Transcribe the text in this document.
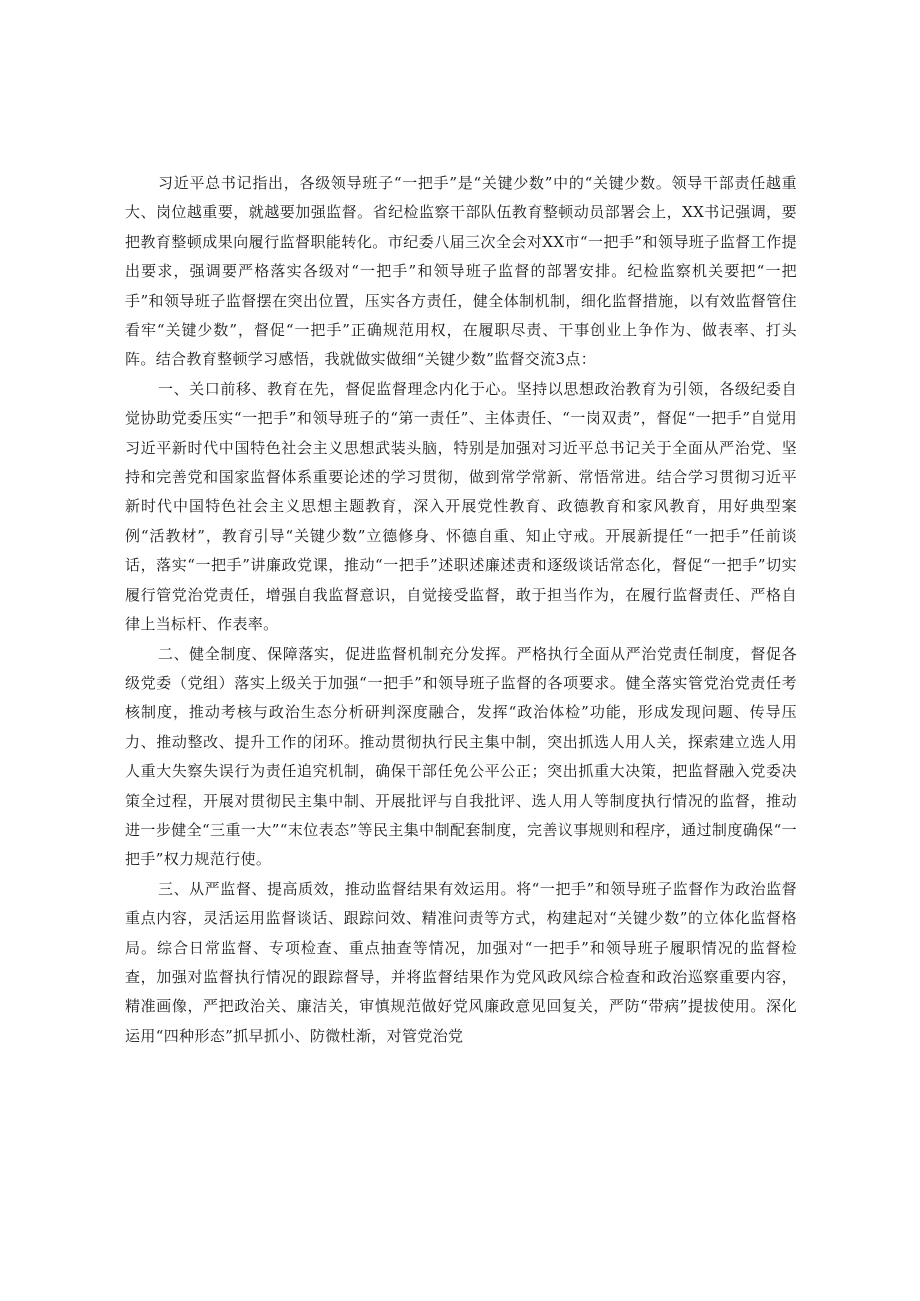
习近平总书记指出，各级领导班子“一把手”是“关键少数”中的“关键少数。领导干部责任越重大、岗位越重要，就越要加强监督。省纪检监察干部队伍教育整顿动员部署会上，XX书记强调，要把教育整顿成果向履行监督职能转化。市纪委八届三次全会对XX市“一把手”和领导班子监督工作提出要求，强调要严格落实各级对“一把手”和领导班子监督的部署安排。纪检监察机关要把“一把手”和领导班子监督摆在突出位置，压实各方责任，健全体制机制，细化监督措施，以有效监督管住看牢“关键少数”，督促“一把手”正确规范用权，在履职尽责、干事创业上争作为、做表率、打头阵。结合教育整顿学习感悟，我就做实做细“关键少数”监督交流3点：

一、关口前移、教育在先，督促监督理念内化于心。坚持以思想政治教育为引领，各级纪委自觉协助党委压实“一把手”和领导班子的“第一责任”、主体责任、“一岗双责”，督促“一把手”自觉用习近平新时代中国特色社会主义思想武装头脑，特别是加强对习近平总书记关于全面从严治党、坚持和完善党和国家监督体系重要论述的学习贯彻，做到常学常新、常悟常进。结合学习贯彻习近平新时代中国特色社会主义思想主题教育，深入开展党性教育、政德教育和家风教育，用好典型案例“活教材”，教育引导“关键少数”立德修身、怀德自重、知止守戒。开展新提任“一把手”任前谈话，落实“一把手”讲廉政党课，推动“一把手”述职述廉述责和逐级谈话常态化，督促“一把手”切实履行管党治党责任，增强自我监督意识，自觉接受监督，敢于担当作为，在履行监督责任、严格自律上当标杆、作表率。

二、健全制度、保障落实，促进监督机制充分发挥。严格执行全面从严治党责任制度，督促各级党委（党组）落实上级关于加强“一把手”和领导班子监督的各项要求。健全落实管党治党责任考核制度，推动考核与政治生态分析研判深度融合，发挥“政治体检”功能，形成发现问题、传导压力、推动整改、提升工作的闭环。推动贯彻执行民主集中制，突出抓选人用人关，探索建立选人用人重大失察失误行为责任追究机制，确保干部任免公平公正；突出抓重大决策，把监督融入党委决策全过程，开展对贯彻民主集中制、开展批评与自我批评、选人用人等制度执行情况的监督，推动进一步健全“三重一大”“末位表态”等民主集中制配套制度，完善议事规则和程序，通过制度确保“一把手”权力规范行使。

三、从严监督、提高质效，推动监督结果有效运用。将“一把手”和领导班子监督作为政治监督重点内容，灵活运用监督谈话、跟踪问效、精准问责等方式，构建起对“关键少数”的立体化监督格局。综合日常监督、专项检查、重点抽查等情况，加强对“一把手”和领导班子履职情况的监督检查，加强对监督执行情况的跟踪督导，并将监督结果作为党风政风综合检查和政治巡察重要内容，精准画像，严把政治关、廉洁关，审慎规范做好党风廉政意见回复关，严防“带病”提拔使用。深化运用“四种形态”抓早抓小、防微杜渐，对管党治党
